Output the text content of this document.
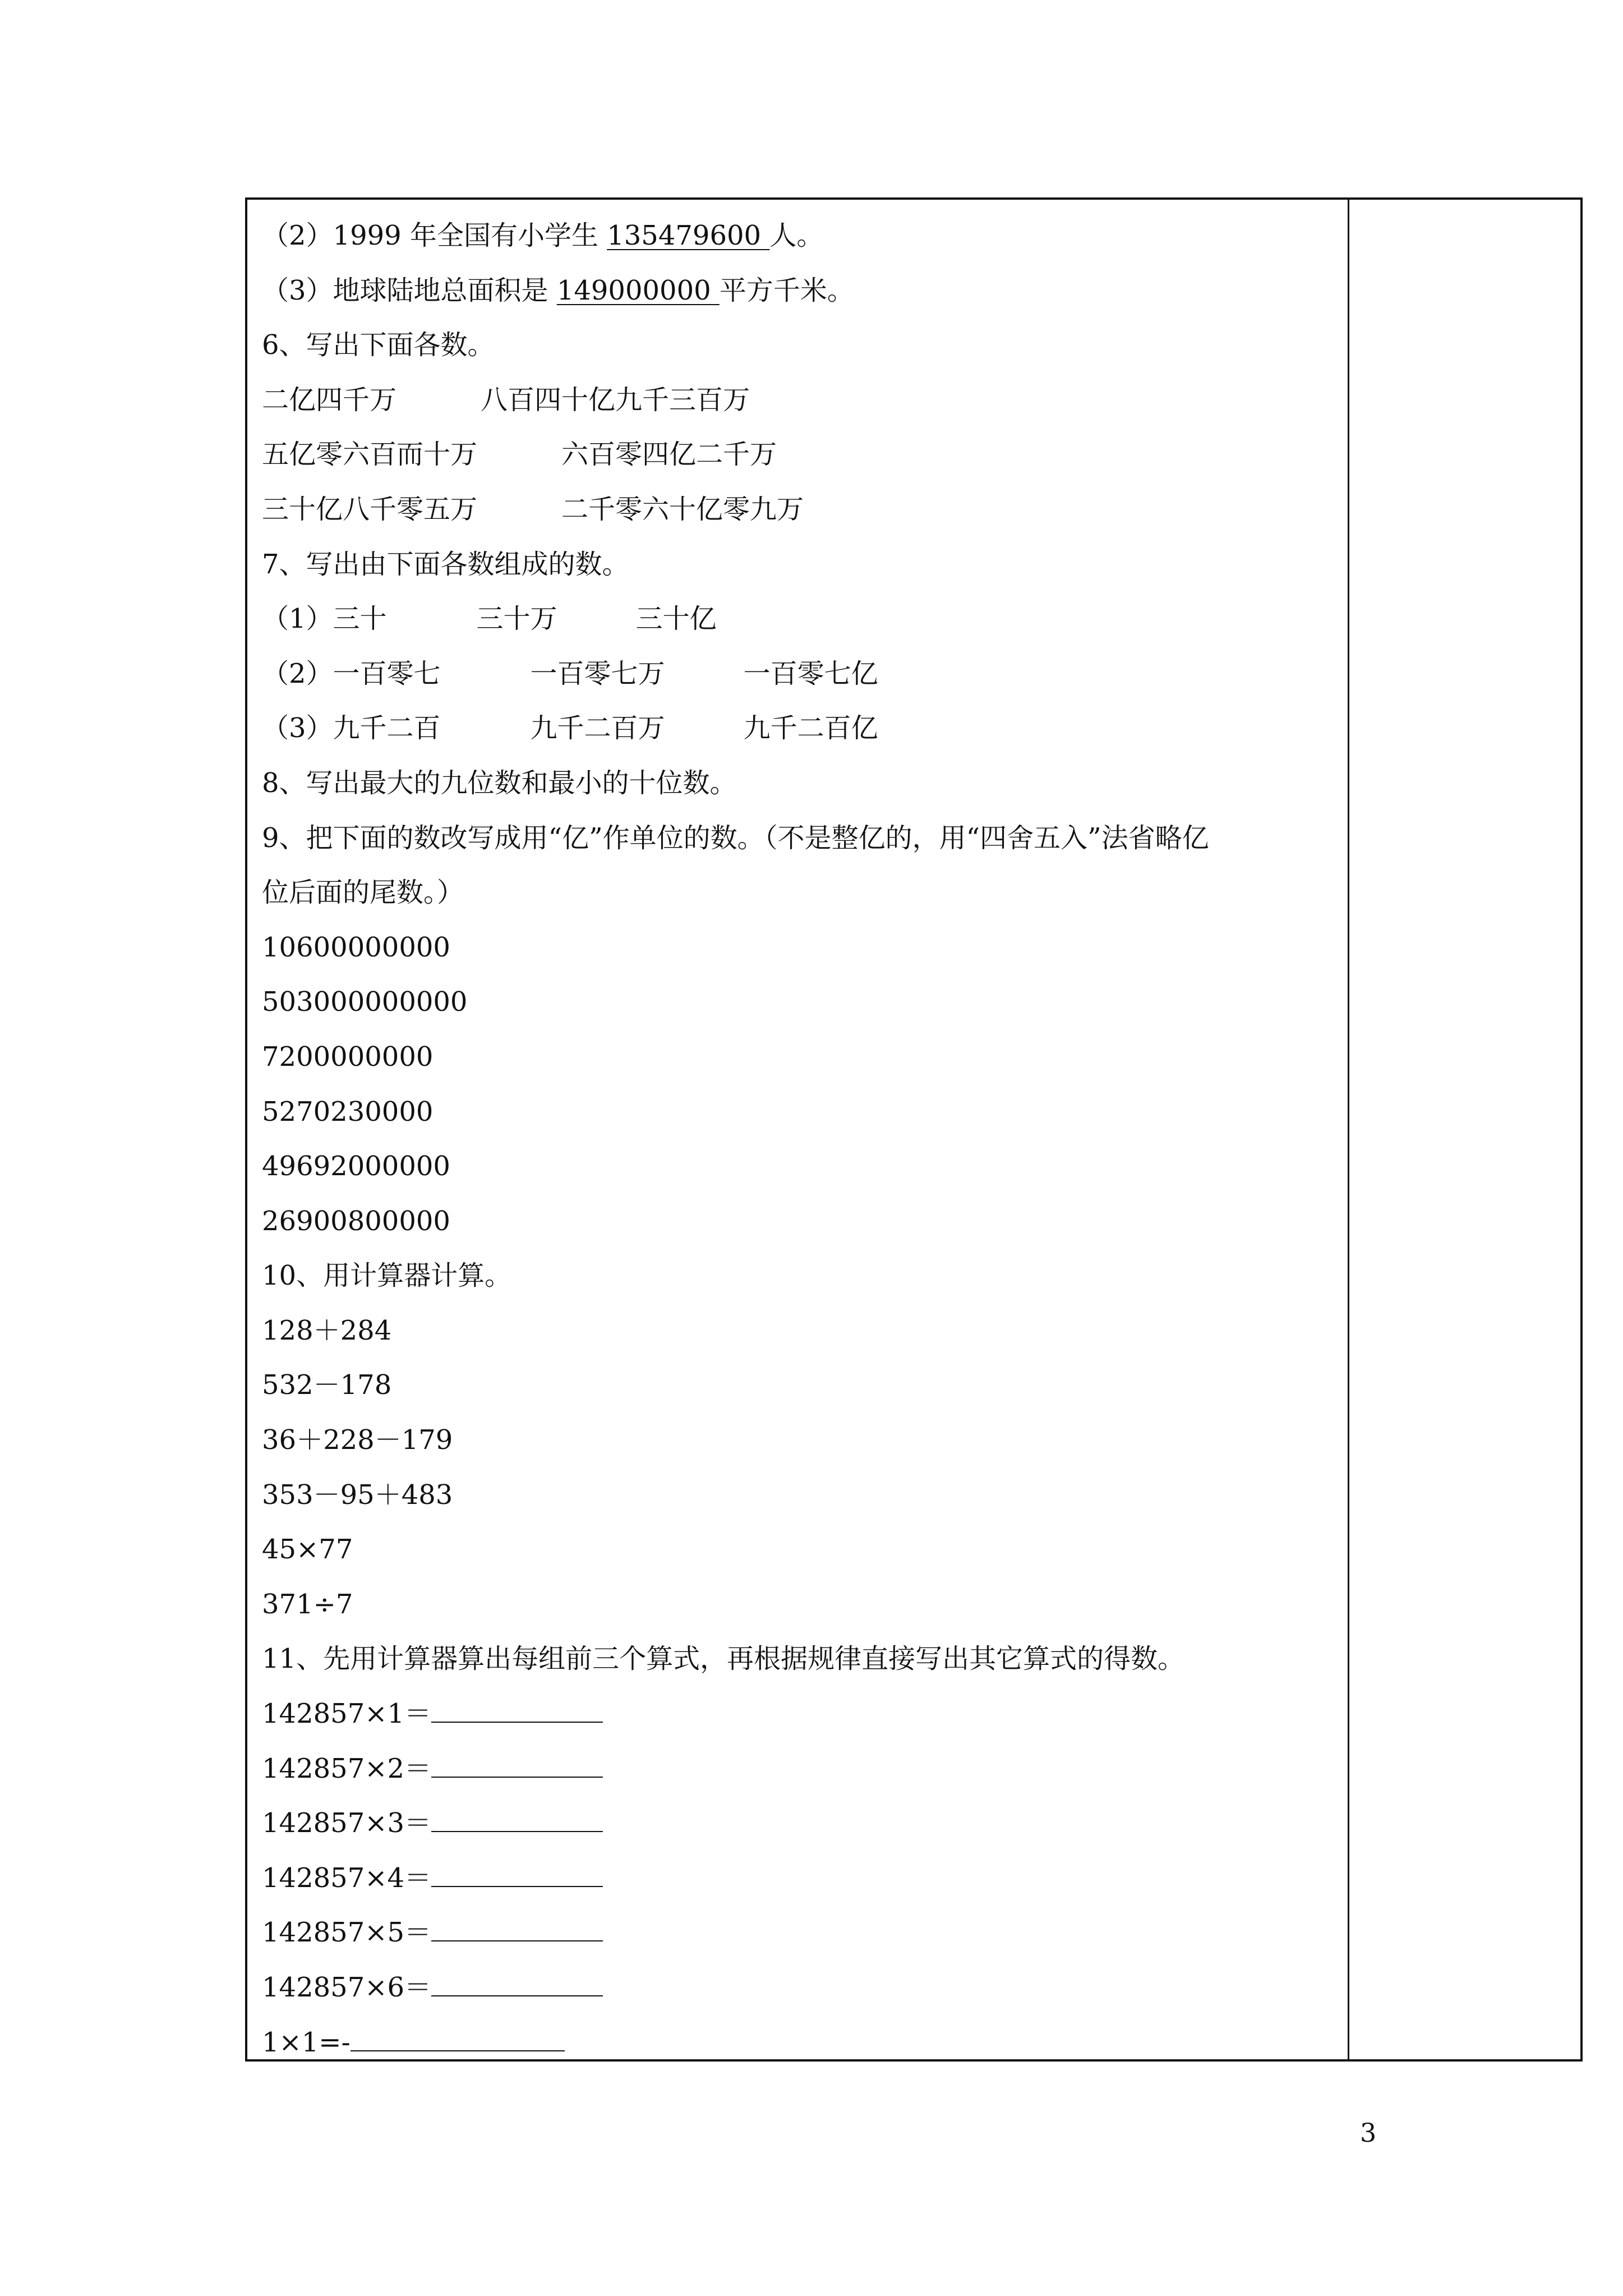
（2）1999 年全国有小学生 135479600 人。
（3）地球陆地总面积是 149000000 平方千米。
6、写出下面各数。
二亿四千万	八百四十亿九千三百万
五亿零六百而十万	六百零四亿二千万
三十亿八千零五万	二千零六十亿零九万
7、写出由下面各数组成的数。
（1）三十	三十万	三十亿
（2）一百零七	一百零七万	一百零七亿
（3）九千二百	九千二百万	九千二百亿
8、写出最大的九位数和最小的十位数。
9、把下面的数改写成用“亿”作单位的数。（不是整亿的，用“四舍五入”法省略亿
位后面的尾数。）
10600000000
503000000000
7200000000
5270230000
49692000000
26900800000
10、用计算器计算。
128＋284
532－178
36＋228－179
353－95＋483
45×77
371÷7
11、先用计算器算出每组前三个算式，再根据规律直接写出其它算式的得数。
142857×1＝
142857×2＝
142857×3＝
142857×4＝
142857×5＝
142857×6＝
1×1=-
3
